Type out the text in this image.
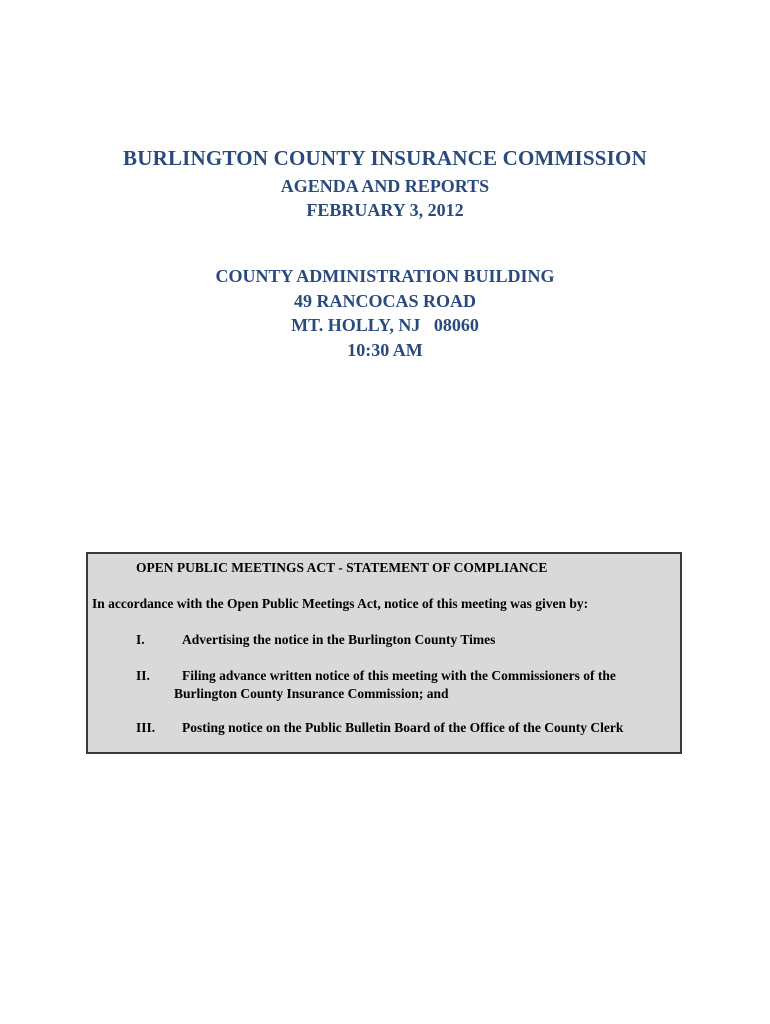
BURLINGTON COUNTY INSURANCE COMMISSION
AGENDA AND REPORTS
FEBRUARY 3, 2012
COUNTY ADMINISTRATION BUILDING
49 RANCOCAS ROAD
MT. HOLLY, NJ   08060
10:30 AM
OPEN PUBLIC MEETINGS ACT - STATEMENT OF COMPLIANCE
In accordance with the Open Public Meetings Act, notice of this meeting was given by:
I.	Advertising the notice in the Burlington County Times
II. Filing advance written notice of this meeting with the Commissioners of the
Burlington County Insurance Commission; and
III. Posting notice on the Public Bulletin Board of the Office of the County Clerk
